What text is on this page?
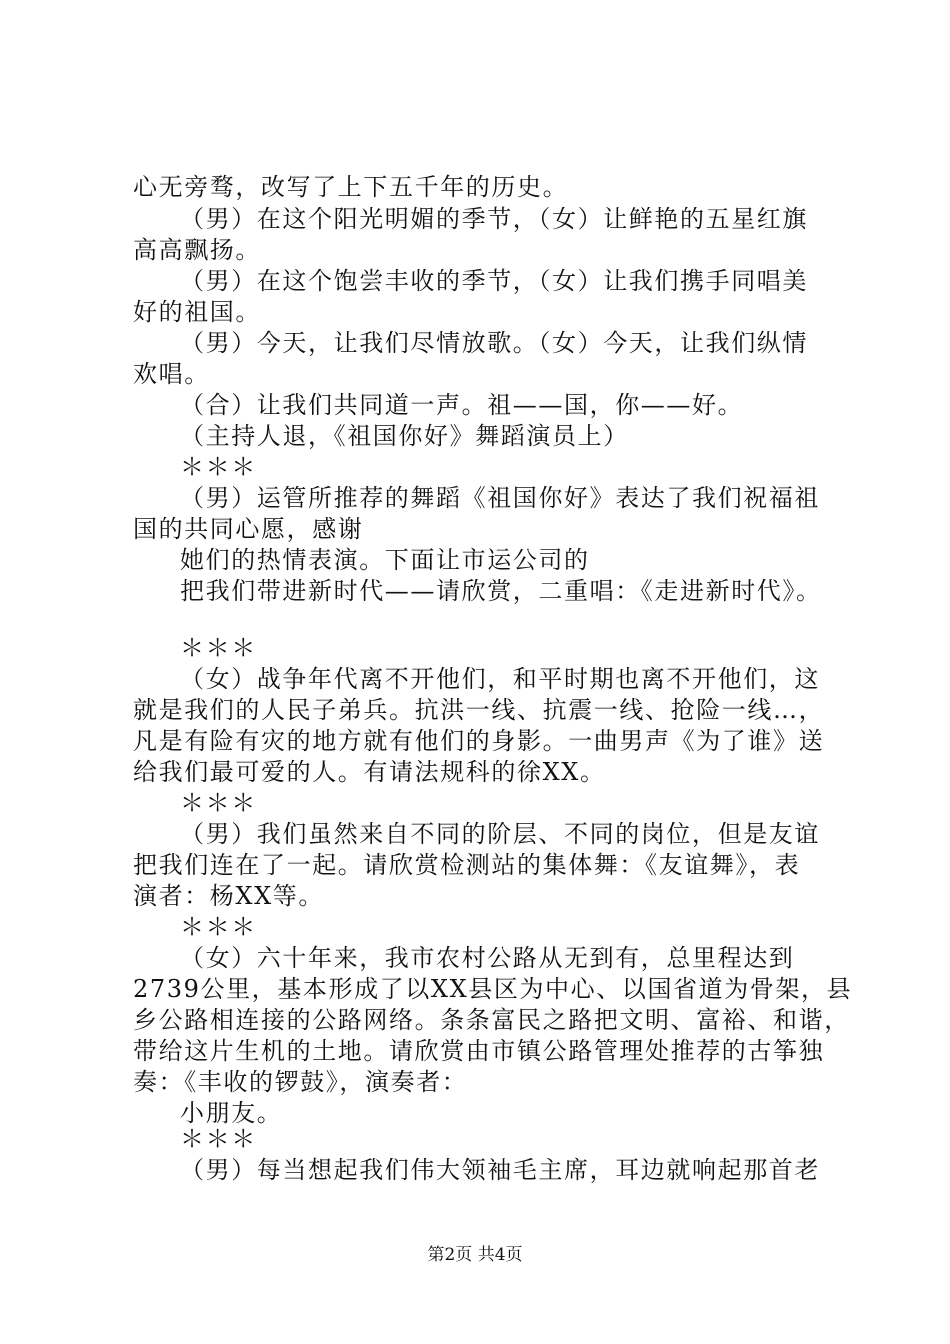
心无旁骛，改写了上下五千年的历史。
（男）在这个阳光明媚的季节，（女）让鲜艳的五星红旗
高高飘扬。
（男）在这个饱尝丰收的季节，（女）让我们携手同唱美
好的祖国。
（男）今天，让我们尽情放歌。（女）今天，让我们纵情
欢唱。
（合）让我们共同道一声。祖——国，你——好。
（主持人退，《祖国你好》舞蹈演员上）
＊＊＊
（男）运管所推荐的舞蹈《祖国你好》表达了我们祝福祖
国的共同心愿，感谢
她们的热情表演。下面让市运公司的
把我们带进新时代——请欣赏，二重唱：《走进新时代》。
＊＊＊
（女）战争年代离不开他们，和平时期也离不开他们，这
就是我们的人民子弟兵。抗洪一线、抗震一线、抢险一线…，
凡是有险有灾的地方就有他们的身影。一曲男声《为了谁》送
给我们最可爱的人。有请法规科的徐XX。
＊＊＊
（男）我们虽然来自不同的阶层、不同的岗位，但是友谊
把我们连在了一起。请欣赏检测站的集体舞：《友谊舞》，表
演者：杨XX等。
＊＊＊
（女）六十年来，我市农村公路从无到有，总里程达到
2739公里，基本形成了以XX县区为中心、以国省道为骨架，县
乡公路相连接的公路网络。条条富民之路把文明、富裕、和谐，
带给这片生机的土地。请欣赏由市镇公路管理处推荐的古筝独
奏：《丰收的锣鼓》，演奏者：
小朋友。
＊＊＊
（男）每当想起我们伟大领袖毛主席，耳边就响起那首老
第2页 共4页
